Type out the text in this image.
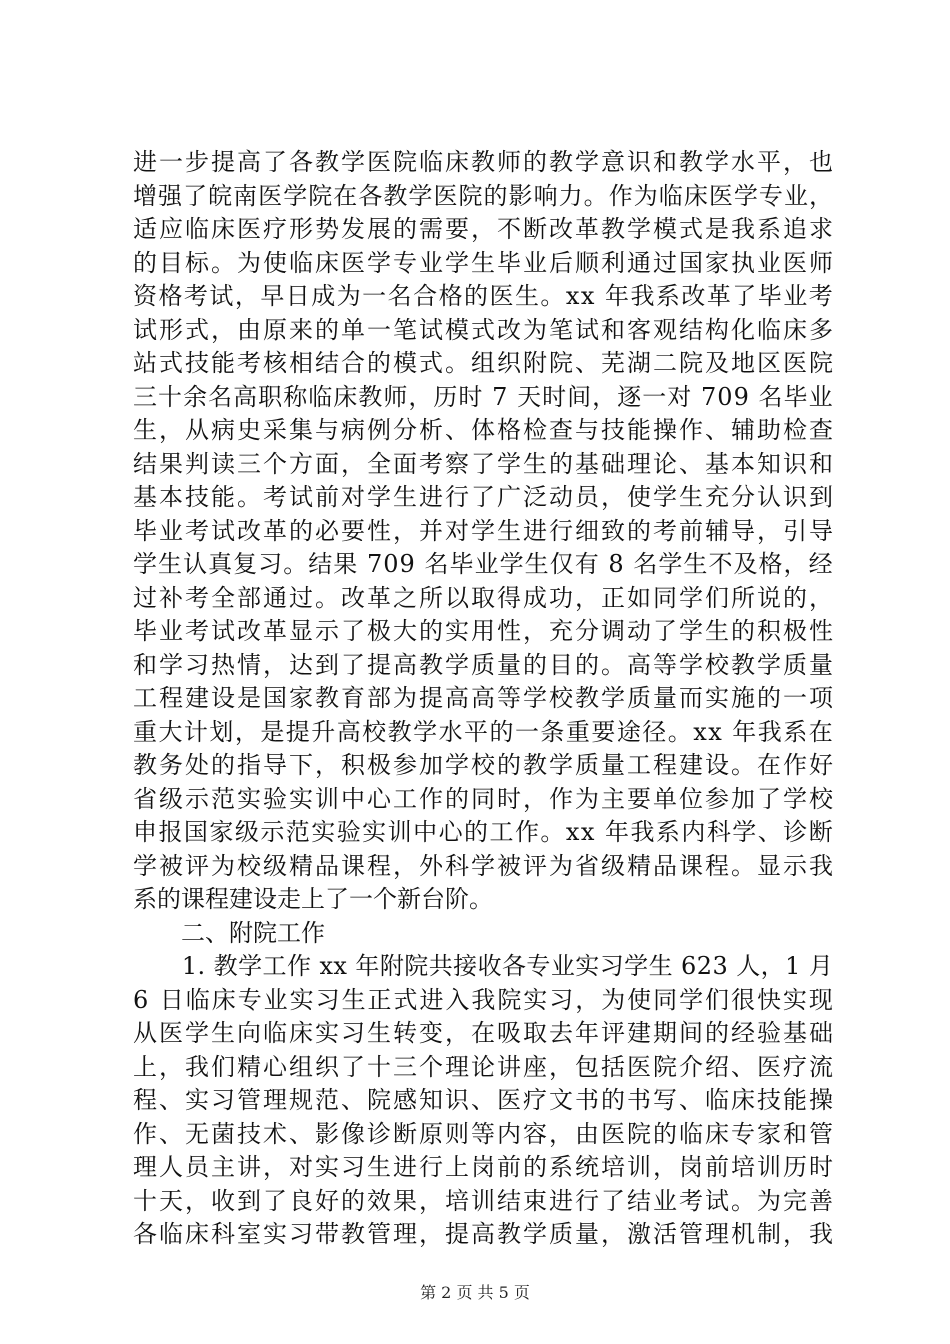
进一步提高了各教学医院临床教师的教学意识和教学水平，也
增强了皖南医学院在各教学医院的影响力。作为临床医学专业，
适应临床医疗形势发展的需要，不断改革教学模式是我系追求
的目标。为使临床医学专业学生毕业后顺利通过国家执业医师
资格考试，早日成为一名合格的医生。xx 年我系改革了毕业考
试形式，由原来的单一笔试模式改为笔试和客观结构化临床多
站式技能考核相结合的模式。组织附院、芜湖二院及地区医院
三十余名高职称临床教师，历时 7 天时间，逐一对 709 名毕业
生，从病史采集与病例分析、体格检查与技能操作、辅助检查
结果判读三个方面，全面考察了学生的基础理论、基本知识和
基本技能。考试前对学生进行了广泛动员，使学生充分认识到
毕业考试改革的必要性，并对学生进行细致的考前辅导，引导
学生认真复习。结果 709 名毕业学生仅有 8 名学生不及格，经
过补考全部通过。改革之所以取得成功，正如同学们所说的，
毕业考试改革显示了极大的实用性，充分调动了学生的积极性
和学习热情，达到了提高教学质量的目的。高等学校教学质量
工程建设是国家教育部为提高高等学校教学质量而实施的一项
重大计划，是提升高校教学水平的一条重要途径。xx 年我系在
教务处的指导下，积极参加学校的教学质量工程建设。在作好
省级示范实验实训中心工作的同时，作为主要单位参加了学校
申报国家级示范实验实训中心的工作。xx 年我系内科学、诊断
学被评为校级精品课程，外科学被评为省级精品课程。显示我
系的课程建设走上了一个新台阶。
　　二、附院工作
　　1. 教学工作 xx 年附院共接收各专业实习学生 623 人，1 月
6 日临床专业实习生正式进入我院实习，为使同学们很快实现
从医学生向临床实习生转变，在吸取去年评建期间的经验基础
上，我们精心组织了十三个理论讲座，包括医院介绍、医疗流
程、实习管理规范、院感知识、医疗文书的书写、临床技能操
作、无菌技术、影像诊断原则等内容，由医院的临床专家和管
理人员主讲，对实习生进行上岗前的系统培训，岗前培训历时
十天，收到了良好的效果，培训结束进行了结业考试。为完善
各临床科室实习带教管理，提高教学质量，激活管理机制，我
第 2 页 共 5 页
